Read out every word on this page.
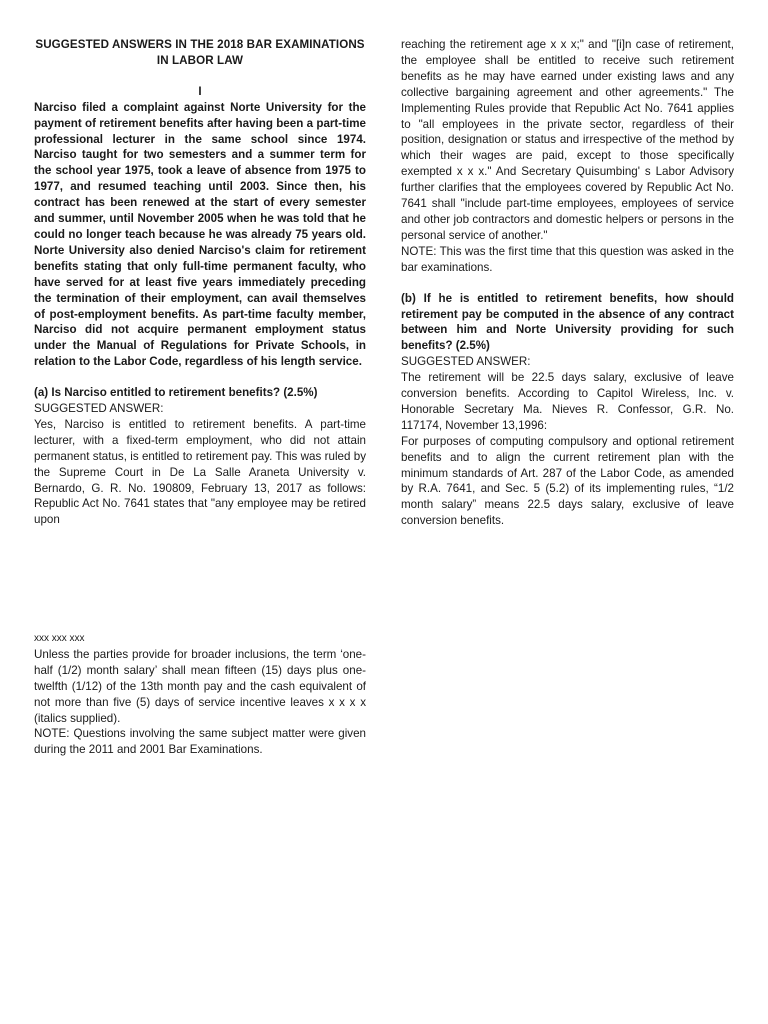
SUGGESTED ANSWERS IN THE 2018 BAR EXAMINATIONS

IN LABOR LAW

I

Narciso filed a complaint against Norte University for the payment of retirement benefits after having been a part-time professional lecturer in the same school since 1974. Narciso taught for two semesters and a summer term for the school year 1975, took a leave of absence from 1975 to 1977, and resumed teaching until 2003. Since then, his contract has been renewed at the start of every semester and summer, until November 2005 when he was told that he could no longer teach because he was already 75 years old. Norte University also denied Narciso's claim for retirement benefits stating that only full-time permanent faculty, who have served for at least five years immediately preceding the termination of their employment, can avail themselves of post-employment benefits. As part-time faculty member, Narciso did not acquire permanent employment status under the Manual of Regulations for Private Schools, in relation to the Labor Code, regardless of his length service.

(a) Is Narciso entitled to retirement benefits? (2.5%)

SUGGESTED ANSWER:

Yes, Narciso is entitled to retirement benefits. A part-time lecturer, with a fixed-term employment, who did not attain permanent status, is entitled to retirement pay. This was ruled by the Supreme Court in De La Salle Araneta University v. Bernardo, G. R. No. 190809, February 13, 2017 as follows: Republic Act No. 7641 states that "any employee may be retired upon

xxx xxx xxx

Unless the parties provide for broader inclusions, the term ‘one-half (1/2) month salary’ shall mean fifteen (15) days plus one-twelfth (1/12) of the 13th month pay and the cash equivalent of not more than five (5) days of service incentive leaves x x x x (italics supplied).

NOTE: Questions involving the same subject matter were given during the 2011 and 2001 Bar Examinations.

reaching the retirement age x x x;" and "[i]n case of retirement, the employee shall be entitled to receive such retirement benefits as he may have earned under existing laws and any collective bargaining agreement and other agreements." The Implementing Rules provide that Republic Act No. 7641 applies to "all employees in the private sector, regardless of their position, designation or status and irrespective of the method by which their wages are paid, except to those specifically exempted x x x." And Secretary Quisumbing' s Labor Advisory further clarifies that the employees covered by Republic Act No. 7641 shall "include part-time employees, employees of service and other job contractors and domestic helpers or persons in the personal service of another."

NOTE: This was the first time that this question was asked in the bar examinations.

(b) If he is entitled to retirement benefits, how should retirement pay be computed in the absence of any contract between him and Norte University providing for such benefits? (2.5%)

SUGGESTED ANSWER:

The retirement will be 22.5 days salary, exclusive of leave conversion benefits. According to Capitol Wireless, Inc. v. Honorable Secretary Ma. Nieves R. Confessor, G.R. No. 117174, November 13,1996:

For purposes of computing compulsory and optional retirement benefits and to align the current retirement plan with the minimum standards of Art. 287 of the Labor Code, as amended by R.A. 7641, and Sec. 5 (5.2) of its implementing rules, “1/2 month salary” means 22.5 days salary, exclusive of leave conversion benefits.
